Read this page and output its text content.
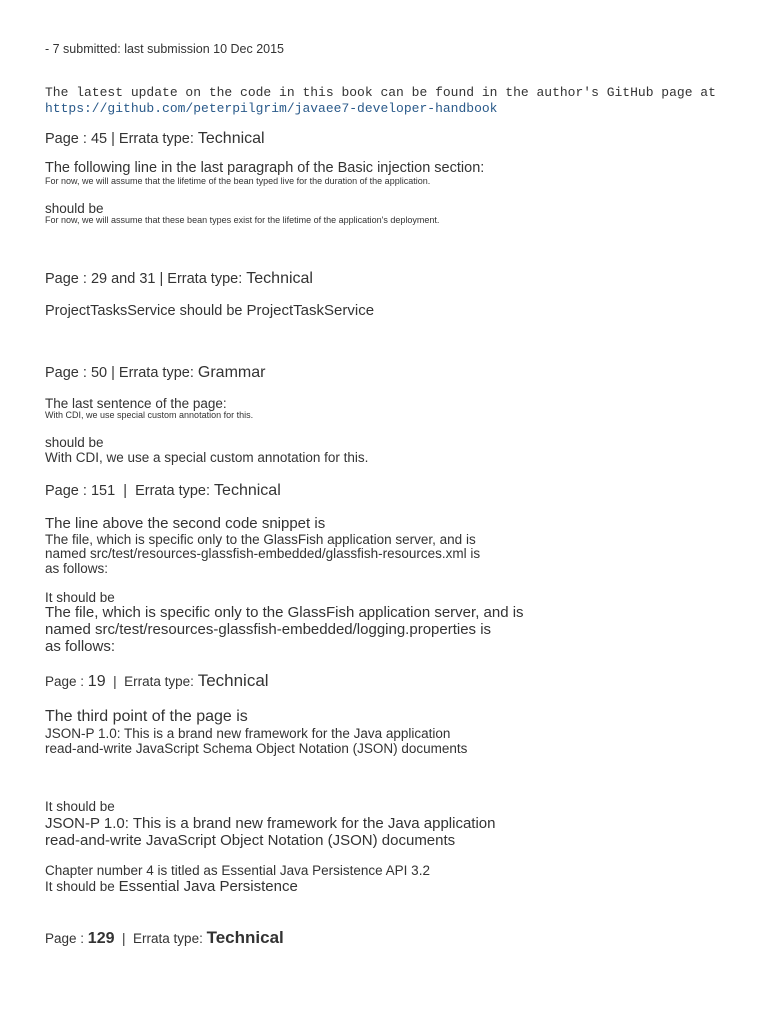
- 7 submitted: last submission 10 Dec 2015
The latest update on the code in this book can be found in the author's GitHub page at
https://github.com/peterpilgrim/javaee7-developer-handbook
Page : 45 | Errata type: Technical
The following line in the last paragraph of the Basic injection section:
For now, we will assume that the lifetime of the bean typed live for the duration of the application.
should be
For now, we will assume that these bean types exist for the lifetime of the application's deployment.
Page : 29 and 31 | Errata type: Technical
ProjectTasksService should be ProjectTaskService
Page : 50 | Errata type: Grammar
The last sentence of the page:
With CDI, we use special custom annotation for this.
should be
With CDI, we use a special custom annotation for this.
Page : 151 | Errata type: Technical
The line above the second code snippet is
The file, which is specific only to the GlassFish application server, and is
named src/test/resources-glassfish-embedded/glassfish-resources.xml is
as follows:
It should be
The file, which is specific only to the GlassFish application server, and is
named src/test/resources-glassfish-embedded/logging.properties is
as follows:
Page : 19 | Errata type: Technical
The third point of the page is
JSON-P 1.0: This is a brand new framework for the Java application
read-and-write JavaScript Schema Object Notation (JSON) documents
It should be
JSON-P 1.0: This is a brand new framework for the Java application
read-and-write JavaScript Object Notation (JSON) documents
Chapter number 4 is titled as Essential Java Persistence API 3.2
It should be Essential Java Persistence
Page : 129 | Errata type: Technical
